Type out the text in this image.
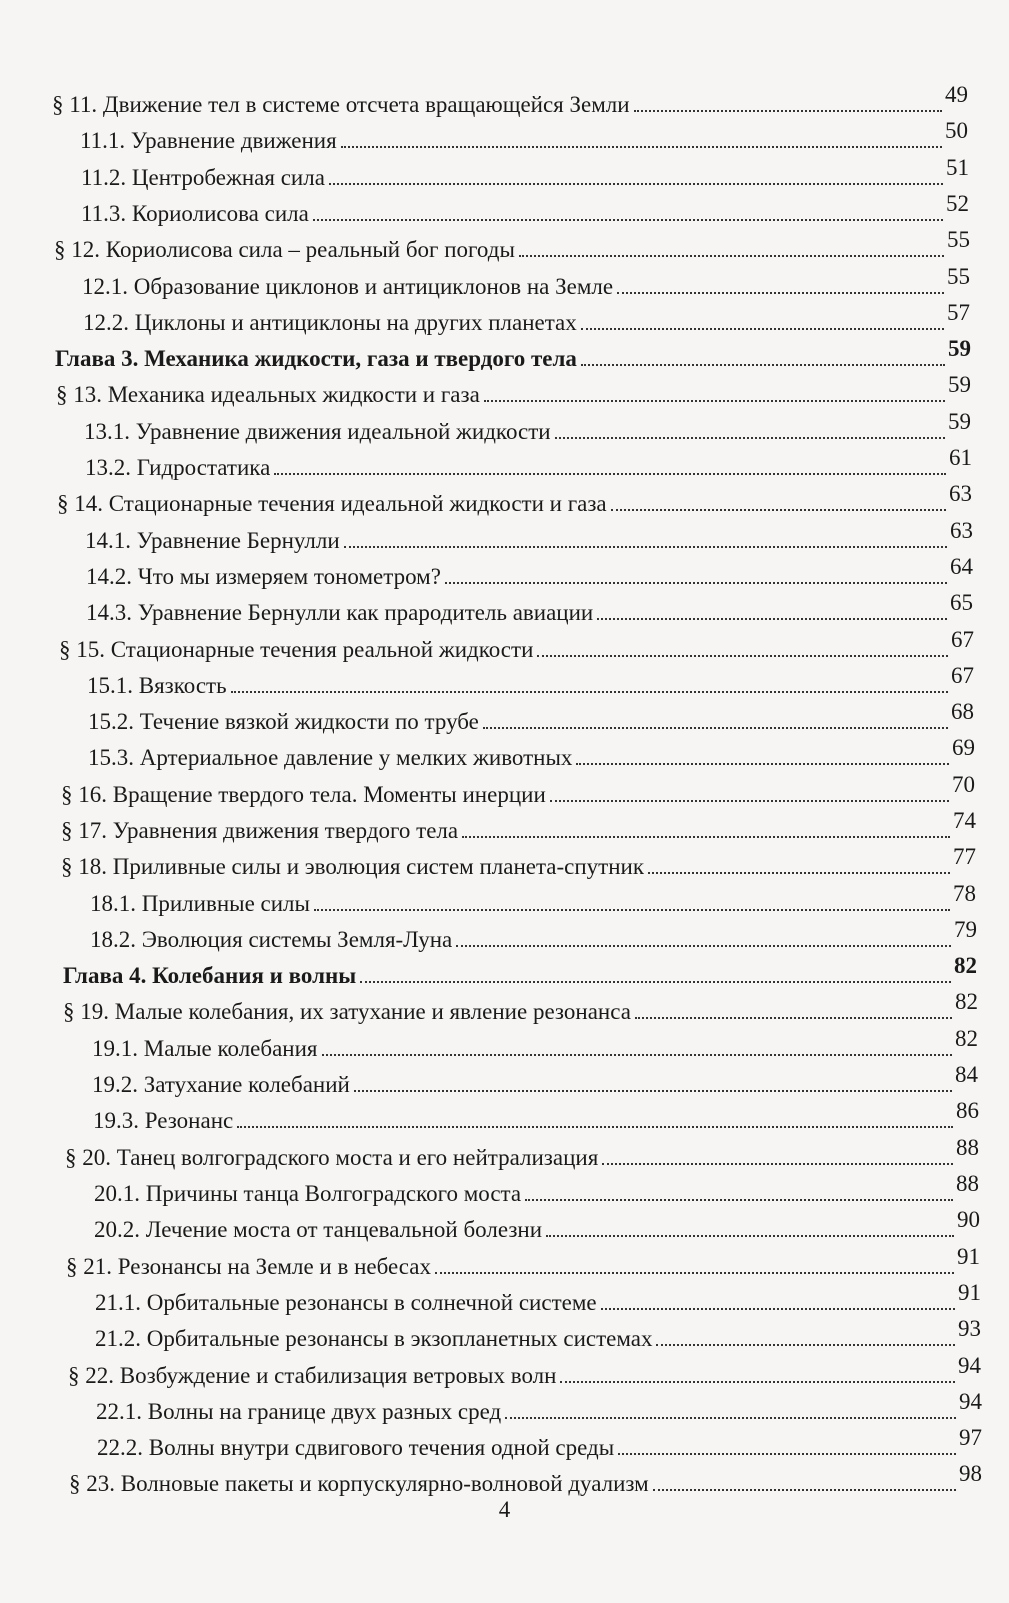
§ 11. Движение тел в системе отсчета вращающейся Земли	49
11.1. Уравнение движения	50
11.2. Центробежная сила	51
11.3. Кориолисова сила	52
§ 12. Кориолисова сила – реальный бог погоды	55
12.1. Образование циклонов и антициклонов на Земле	55
12.2. Циклоны и антициклоны на других планетах	57
Глава 3. Механика жидкости, газа и твердого тела	59
§ 13. Механика идеальных жидкости и газа	59
13.1. Уравнение движения идеальной жидкости	59
13.2. Гидростатика	61
§ 14. Стационарные течения идеальной жидкости и газа	63
14.1. Уравнение Бернулли	63
14.2. Что мы измеряем тонометром?	64
14.3. Уравнение Бернулли как прародитель авиации	65
§ 15. Стационарные течения реальной жидкости	67
15.1. Вязкость	67
15.2. Течение вязкой жидкости по трубе	68
15.3. Артериальное давление у мелких животных	69
§ 16. Вращение твердого тела. Моменты инерции	70
§ 17. Уравнения движения твердого тела	74
§ 18. Приливные силы и эволюция систем планета-спутник	77
18.1. Приливные силы	78
18.2. Эволюция системы Земля-Луна	79
Глава 4. Колебания и волны	82
§ 19. Малые колебания, их затухание и явление резонанса	82
19.1. Малые колебания	82
19.2. Затухание колебаний	84
19.3. Резонанс	86
§ 20. Танец волгоградского моста и его нейтрализация	88
20.1. Причины танца Волгоградского моста	88
20.2. Лечение моста от танцевальной болезни	90
§ 21. Резонансы на Земле и в небесах	91
21.1. Орбитальные резонансы в солнечной системе	91
21.2. Орбитальные резонансы в экзопланетных системах	93
§ 22. Возбуждение и стабилизация ветровых волн	94
22.1. Волны на границе двух разных сред	94
22.2. Волны внутри сдвигового течения одной среды	97
§ 23. Волновые пакеты и корпускулярно-волновой дуализм	98
4
